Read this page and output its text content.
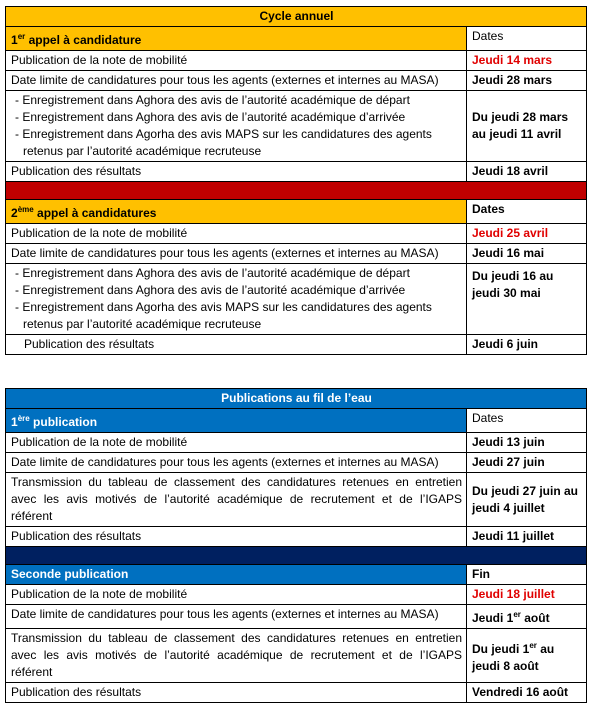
Cycle annuel	
1er appel à candidature	Dates
Publication de la note de mobilité	Jeudi 14 mars
Date limite de candidatures pour tous les agents (externes et internes au MASA)	Jeudi 28 mars

- Enregistrement dans Aghora des avis de l’autorité académique de départ
- Enregistrement dans Aghora des avis de l’autorité académique d’arrivée
- Enregistrement dans Agorha des avis MAPS sur les candidatures des agents retenus par l’autorité académique recruteuse	Du jeudi 28 mars au jeudi 11 avril
Publication des résultats	Jeudi 18 avril

2ème appel à candidatures	Dates
Publication de la note de mobilité	Jeudi 25 avril
Date limite de candidatures pour tous les agents (externes et internes au MASA)	Jeudi 16 mai

- Enregistrement dans Aghora des avis de l’autorité académique de départ
- Enregistrement dans Aghora des avis de l’autorité académique d’arrivée
- Enregistrement dans Agorha des avis MAPS sur les candidatures des agents retenus par l’autorité académique recruteuse	Du jeudi 16 au jeudi 30 mai
Publication des résultats	Jeudi 6 juin
Publications au fil de l’eau	
1ère publication	Dates
Publication de la note de mobilité	Jeudi 13 juin
Date limite de candidatures pour tous les agents (externes et internes au MASA)	Jeudi 27 juin
Transmission du tableau de classement des candidatures retenues en entretien avec les avis motivés de l’autorité académique de recrutement et de l’IGAPS référent	Du jeudi 27 juin au jeudi 4 juillet
Publication des résultats	Jeudi 11 juillet

Seconde publication	Fin
Publication de la note de mobilité	Jeudi 18 juillet
Date limite de candidatures pour tous les agents (externes et internes au MASA)	Jeudi 1er août
Transmission du tableau de classement des candidatures retenues en entretien avec les avis motivés de l’autorité académique de recrutement et de l’IGAPS référent	Du jeudi 1er au jeudi 8 août
Publication des résultats	Vendredi 16 août
